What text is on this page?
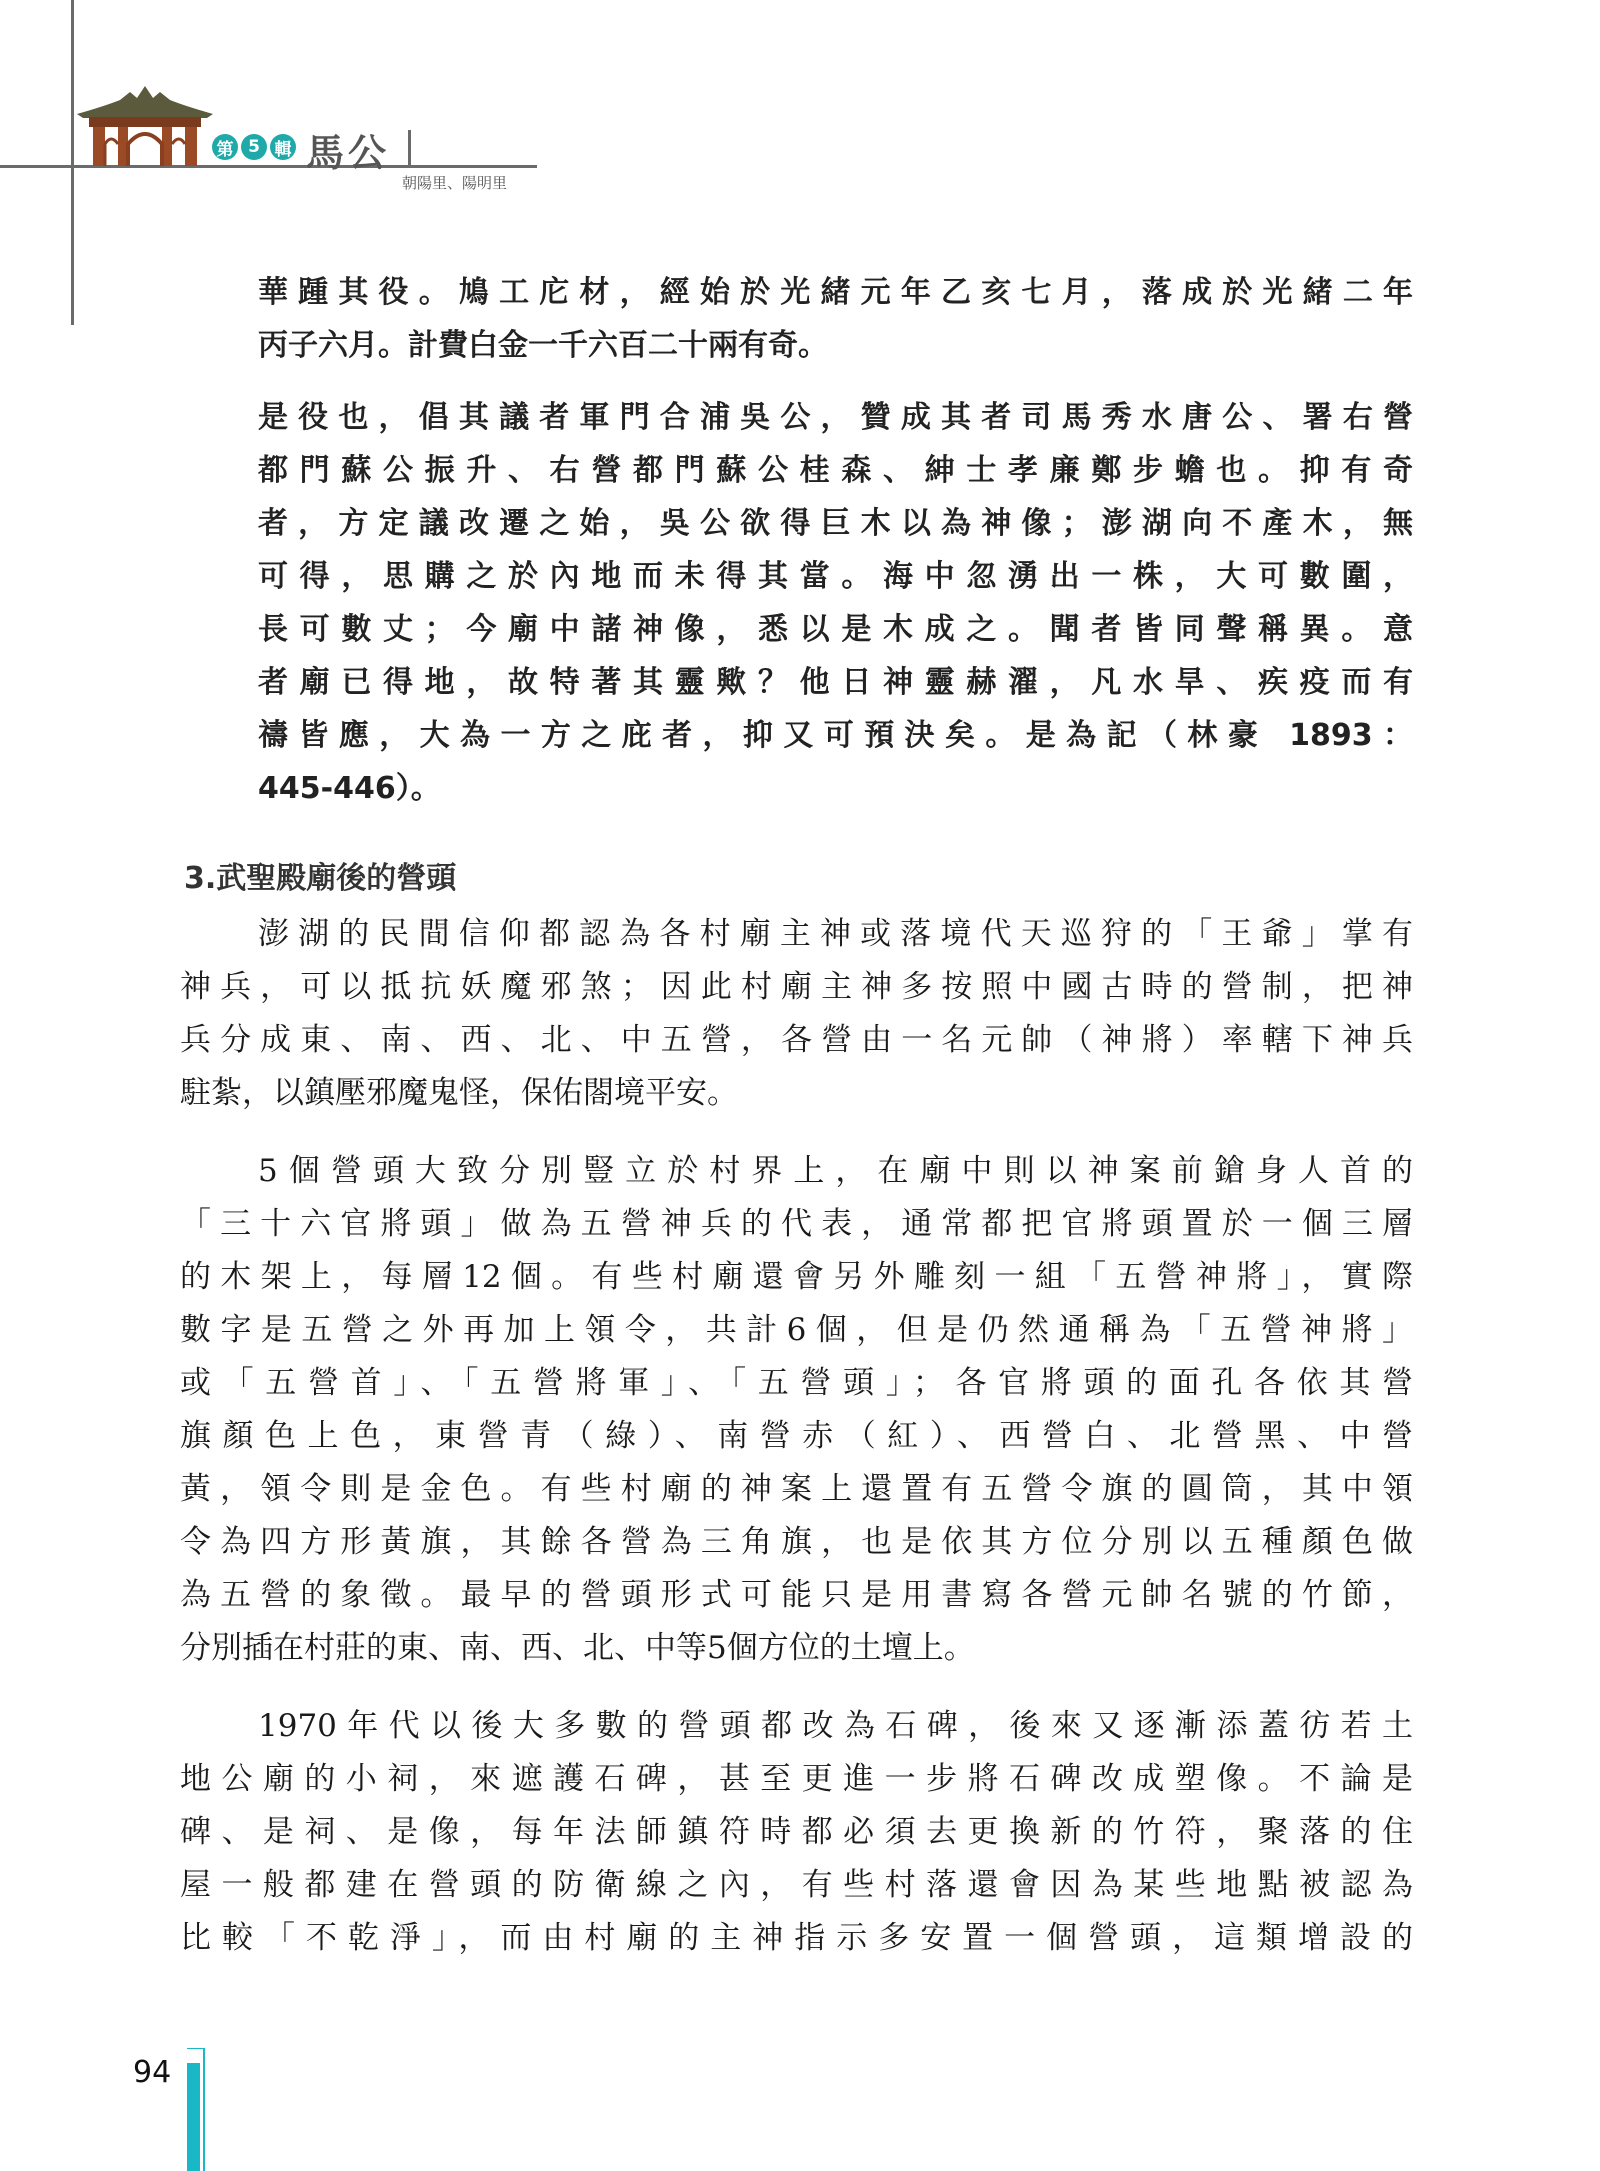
第 5 輯 馬公
朝陽里、陽明里
華踵其役。鳩工庀材，經始於光緒元年乙亥七月，落成於光緒二年
丙子六月。計費白金一千六百二十兩有奇。
是役也，倡其議者軍門合浦吳公，贊成其者司馬秀水唐公、署右營
都門蘇公振升、右營都門蘇公桂森、紳士孝廉鄭步蟾也。抑有奇
者，方定議改遷之始，吳公欲得巨木以為神像；澎湖向不產木，無
可得，思購之於內地而未得其當。海中忽湧出一株，大可數圍，
長可數丈；今廟中諸神像，悉以是木成之。聞者皆同聲稱異。意
者廟已得地，故特著其靈歟？他日神靈赫濯，凡水旱、疾疫而有
禱皆應，大為一方之庇者，抑又可預決矣。是為記（林豪 1893：
445-446）。
3.武聖殿廟後的營頭
澎湖的民間信仰都認為各村廟主神或落境代天巡狩的「王爺」掌有
神兵，可以抵抗妖魔邪煞；因此村廟主神多按照中國古時的營制，把神
兵分成東、南、西、北、中五營，各營由一名元帥（神將）率轄下神兵
駐紮，以鎮壓邪魔鬼怪，保佑閤境平安。
5個營頭大致分別豎立於村界上，在廟中則以神案前鎗身人首的
「三十六官將頭」做為五營神兵的代表，通常都把官將頭置於一個三層
的木架上，每層12個。有些村廟還會另外雕刻一組「五營神將」，實際
數字是五營之外再加上領令，共計6個，但是仍然通稱為「五營神將」
或「五營首」、「五營將軍」、「五營頭」；各官將頭的面孔各依其營
旗顏色上色，東營青（綠）、南營赤（紅）、西營白、北營黑、中營
黃，領令則是金色。有些村廟的神案上還置有五營令旗的圓筒，其中領
令為四方形黃旗，其餘各營為三角旗，也是依其方位分別以五種顏色做
為五營的象徵。最早的營頭形式可能只是用書寫各營元帥名號的竹節，
分別插在村莊的東、南、西、北、中等5個方位的土壇上。
1970年代以後大多數的營頭都改為石碑，後來又逐漸添蓋彷若土
地公廟的小祠，來遮護石碑，甚至更進一步將石碑改成塑像。不論是
碑、是祠、是像，每年法師鎮符時都必須去更換新的竹符，聚落的住
屋一般都建在營頭的防衛線之內，有些村落還會因為某些地點被認為
比較「不乾淨」，而由村廟的主神指示多安置一個營頭，這類增設的
94
